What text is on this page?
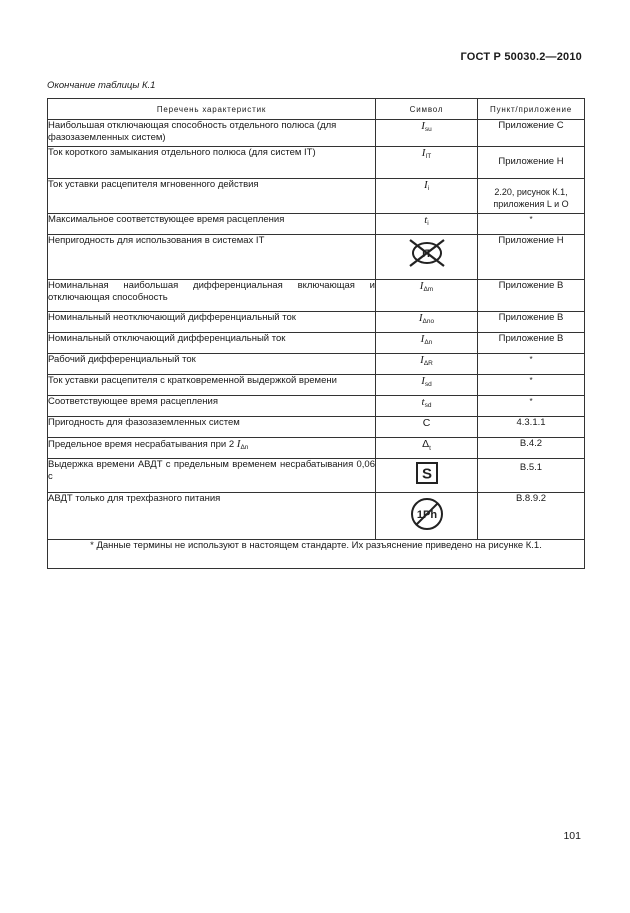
ГОСТ Р 50030.2—2010
Окончание таблицы К.1
Перечень характеристик	Символ	Пункт/приложение
Наибольшая отключающая способность отдельного полюса (для фазозаземленных систем)	$I_{su}$	Приложение C
Ток короткого замыкания отдельного полюса (для систем IT)	$I_{IT}$	Приложение H
Ток уставки расцепителя мгновенного действия	$I_i$	2.20, рисунок К.1, приложения L и O
Максимальное соответствующее время расцепления	$t_i$	*
Непригодность для использования в системах IT	IT	Приложение H
Номинальная наибольшая дифференциальная включающая и отключающая способность	$I_{\Delta m}$	Приложение B
Номинальный неотключающий дифференциальный ток	$I_{\Delta no}$	Приложение B
Номинальный отключающий дифференциальный ток	$I_{\Delta n}$	Приложение B
Рабочий дифференциальный ток	$I_{\Delta R}$	*
Ток уставки расцепителя с кратковременной выдержкой времени	$I_{sd}$	*
Соответствующее время расцепления	$t_{sd}$	*
Пригодность для фазозаземленных систем	C	4.3.1.1
Предельное время несрабатывания при 2 $I_{\Delta n}$	$\Delta_t$	B.4.2
Выдержка времени АВДТ с предельным временем несрабатывания 0,06 с	S	B.5.1
АВДТ только для трехфазного питания	1Ph	B.8.9.2
* Данные термины не используют в настоящем стандарте. Их разъяснение приведено на рисунке К.1.		
101
